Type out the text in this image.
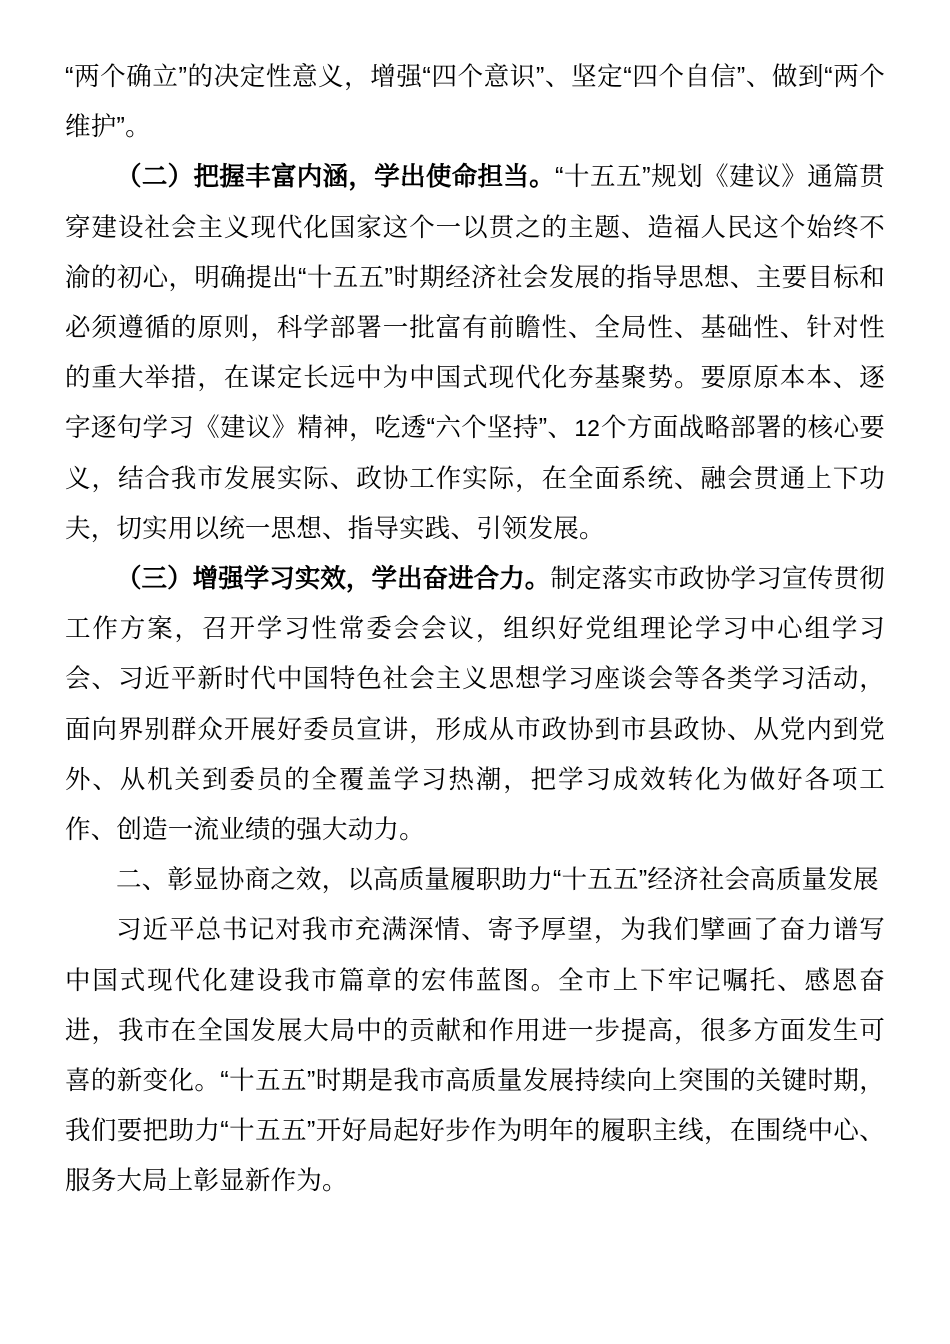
“两个确立”的决定性意义，增强“四个意识”、坚定“四个自信”、做到“两个维护”。

（二）把握丰富内涵，学出使命担当。“十五五”规划《建议》通篇贯穿建设社会主义现代化国家这个一以贯之的主题、造福人民这个始终不渝的初心，明确提出“十五五”时期经济社会发展的指导思想、主要目标和必须遵循的原则，科学部署一批富有前瞻性、全局性、基础性、针对性的重大举措，在谋定长远中为中国式现代化夯基聚势。要原原本本、逐字逐句学习《建议》精神，吃透“六个坚持”、12个方面战略部署的核心要义，结合我市发展实际、政协工作实际，在全面系统、融会贯通上下功夫，切实用以统一思想、指导实践、引领发展。

（三）增强学习实效，学出奋进合力。制定落实市政协学习宣传贯彻工作方案，召开学习性常委会会议，组织好党组理论学习中心组学习会、习近平新时代中国特色社会主义思想学习座谈会等各类学习活动，面向界别群众开展好委员宣讲，形成从市政协到市县政协、从党内到党外、从机关到委员的全覆盖学习热潮，把学习成效转化为做好各项工作、创造一流业绩的强大动力。

二、彰显协商之效，以高质量履职助力“十五五”经济社会高质量发展

习近平总书记对我市充满深情、寄予厚望，为我们擘画了奋力谱写中国式现代化建设我市篇章的宏伟蓝图。全市上下牢记嘱托、感恩奋进，我市在全国发展大局中的贡献和作用进一步提高，很多方面发生可喜的新变化。“十五五”时期是我市高质量发展持续向上突围的关键时期，我们要把助力“十五五”开好局起好步作为明年的履职主线，在围绕中心、服务大局上彰显新作为。
